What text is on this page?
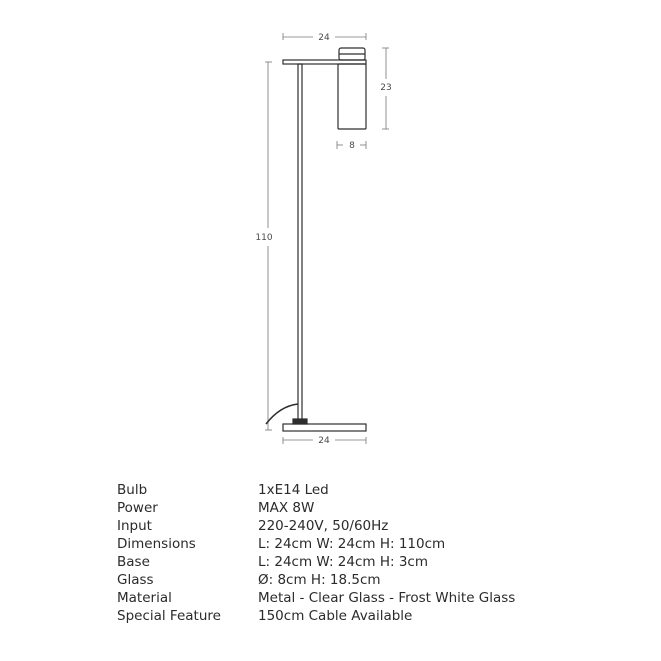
24
110
23
8
24
Bulb	1xE14 Led
Power	MAX 8W
Input	220-240V, 50/60Hz
Dimensions	L: 24cm W: 24cm H: 110cm
Base	L: 24cm W: 24cm H: 3cm
Glass	Ø: 8cm H: 18.5cm
Material	Metal - Clear Glass - Frost White Glass
Special Feature	150cm Cable Available
